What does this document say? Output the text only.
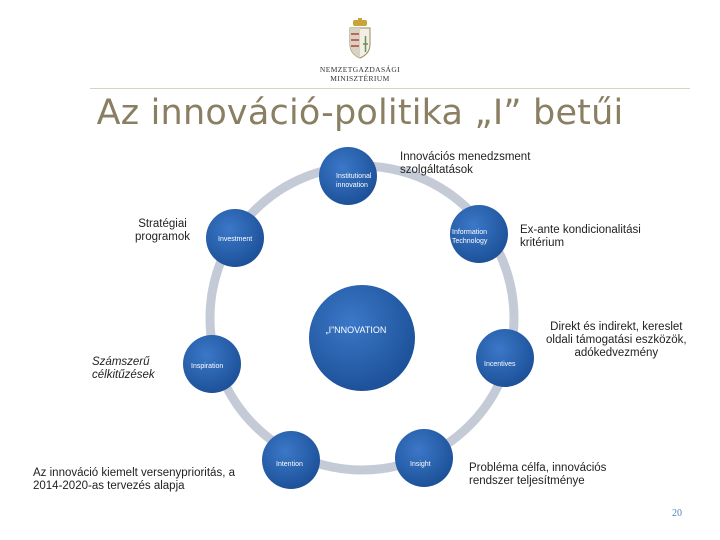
NEMZETGAZDASÁGI
MINISZTÉRIUM
Az innováció-politika „I” betűi
„I”NNOVATION
Institutional innovation
Information Technology
Incentives
Insight
Intention
Inspiration
Investment
Innovációs menedzsment
szolgáltatások
Ex-ante kondicionalitási
kritérium
Direkt és indirekt, kereslet
oldali támogatási eszközök,
adókedvezmény
Probléma célfa, innovációs
rendszer teljesítménye
Az innováció kiemelt versenyprioritás, a
2014-2020-as tervezés alapja
Számszerű
célkitűzések
Stratégiai
programok
20
